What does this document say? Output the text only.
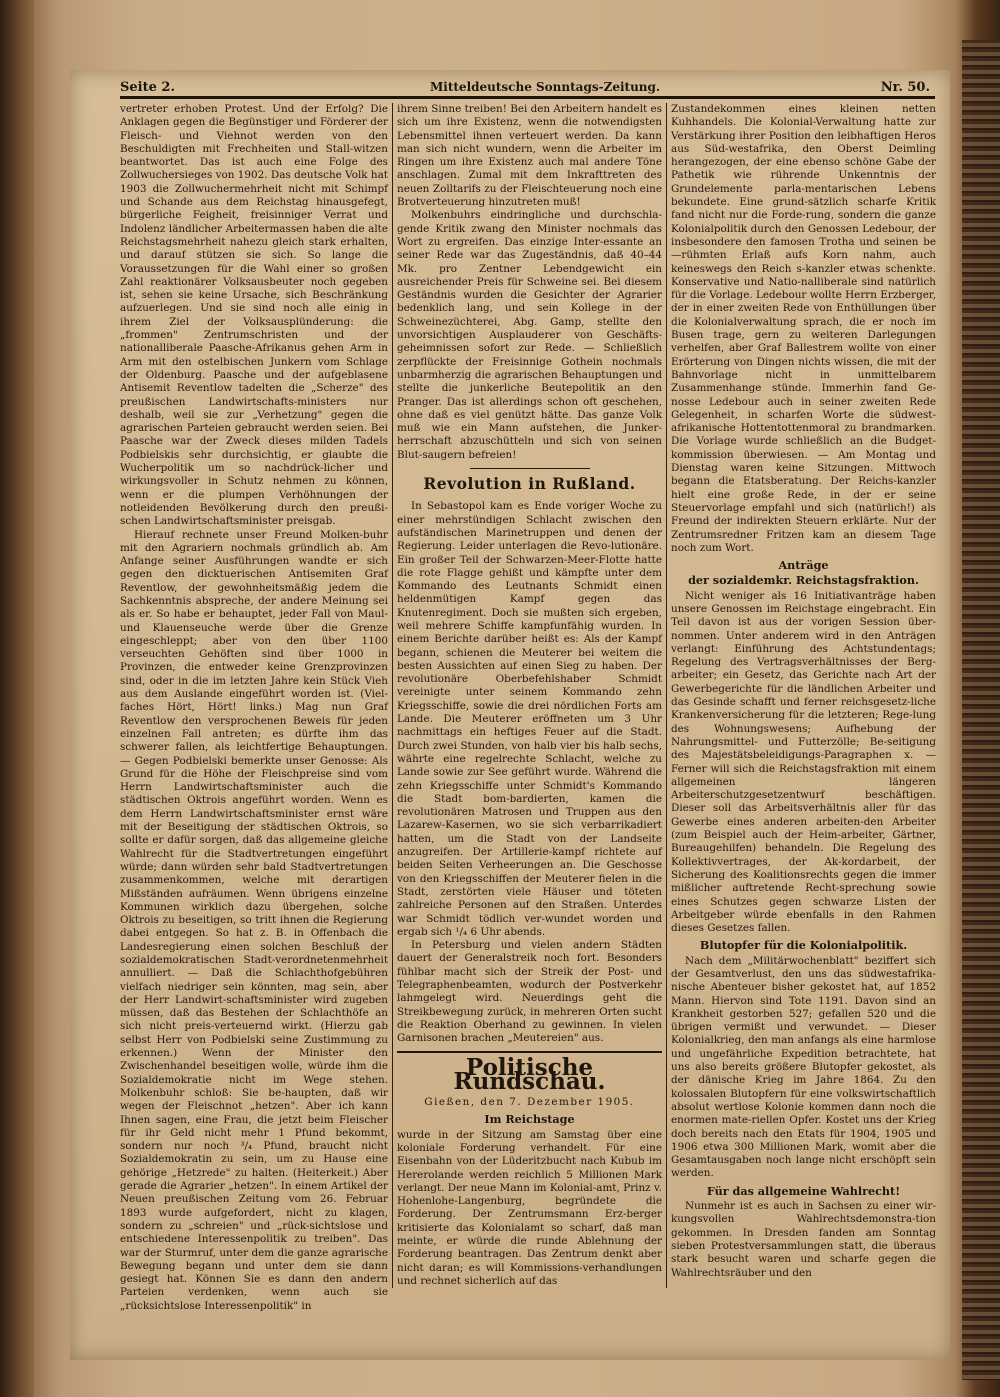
Seite 2.	Mitteldeutsche Sonntags-Zeitung.	Nr. 50.

vertreter erhoben Protest. Und der Erfolg? Die Anklagen gegen die Begünstiger und Förderer der Fleisch- und Viehnot werden von den Beschuldigten mit Frechheiten und Stall-witzen beantwortet. Das ist auch eine Folge des Zollwuchersieges von 1902. Das deutsche Volk hat 1903 die Zollwuchermehrheit nicht mit Schimpf und Schande aus dem Reichstag hinausgefegt, bürgerliche Feigheit, freisinniger Verrat und Indolenz ländlicher Arbeitermassen haben die alte Reichstagsmehrheit nahezu gleich stark erhalten, und darauf stützen sie sich. So lange die Voraussetzungen für die Wahl einer so großen Zahl reaktionärer Volksausbeuter noch gegeben ist, sehen sie keine Ursache, sich Beschränkung aufzuerlegen. Und sie sind noch alle einig in ihrem Ziel der Volksausplünderung: die „frommen" Zentrumschristen und der nationalliberale Paasche-Afrikanus gehen Arm in Arm mit den ostelbischen Junkern vom Schlage der Oldenburg. Paasche und der aufgeblasene Antisemit Reventlow tadelten die „Scherze" des preußischen Landwirtschafts-ministers nur deshalb, weil sie zur „Verhetzung" gegen die agrarischen Parteien gebraucht werden seien. Bei Paasche war der Zweck dieses milden Tadels Podbielskis sehr durchsichtig, er glaubte die Wucherpolitik um so nachdrück-licher und wirkungsvoller in Schutz nehmen zu können, wenn er die plumpen Verhöhnungen der notleidenden Bevölkerung durch den preußi-schen Landwirtschaftsminister preisgab.

Hierauf rechnete unser Freund Molken-buhr mit den Agrariern nochmals gründlich ab. Am Anfange seiner Ausführungen wandte er sich gegen den dicktuerischen Antisemiten Graf Reventlow, der gewohnheitsmäßig jedem die Sachkenntnis abspreche, der andere Meinung sei als er. So habe er behauptet, jeder Fall von Maul- und Klauenseuche werde über die Grenze eingeschleppt; aber von den über 1100 verseuchten Gehöften sind über 1000 in Provinzen, die entweder keine Grenzprovinzen sind, oder in die im letzten Jahre kein Stück Vieh aus dem Auslande eingeführt worden ist. (Viel-faches Hört, Hört! links.) Mag nun Graf Reventlow den versprochenen Beweis für jeden einzelnen Fall antreten; es dürfte ihm das schwerer fallen, als leichtfertige Behauptungen. — Gegen Podbielski bemerkte unser Genosse: Als Grund für die Höhe der Fleischpreise sind vom Herrn Landwirtschaftsminister auch die städtischen Oktrois angeführt worden. Wenn es dem Herrn Landwirtschaftsminister ernst wäre mit der Beseitigung der städtischen Oktrois, so sollte er dafür sorgen, daß das allgemeine gleiche Wahlrecht für die Stadtvertretungen eingeführt würde; dann würden sehr bald Stadtvertretungen zusammenkommen, welche mit derartigen Mißständen aufräumen. Wenn übrigens einzelne Kommunen wirklich dazu übergehen, solche Oktrois zu beseitigen, so tritt ihnen die Regierung dabei entgegen. So hat z. B. in Offenbach die Landesregierung einen solchen Beschluß der sozialdemokratischen Stadt-verordnetenmehrheit annulliert. — Daß die Schlachthofgebühren vielfach niedriger sein könnten, mag sein, aber der Herr Landwirt-schaftsminister wird zugeben müssen, daß das Bestehen der Schlachthöfe an sich nicht preis-verteuernd wirkt. (Hierzu gab selbst Herr von Podbielski seine Zustimmung zu erkennen.) Wenn der Minister den Zwischenhandel beseitigen wolle, würde ihm die Sozialdemokratie nicht im Wege stehen. Molkenbuhr schloß: Sie be-haupten, daß wir wegen der Fleischnot „hetzen". Aber ich kann Ihnen sagen, eine Frau, die jetzt beim Fleischer für ihr Geld nicht mehr 1 Pfund bekommt, sondern nur noch ³/₄ Pfund, braucht nicht Sozialdemokratin zu sein, um zu Hause eine gehörige „Hetzrede" zu halten. (Heiterkeit.) Aber gerade die Agrarier „hetzen". In einem Artikel der Neuen preußischen Zeitung vom 26. Februar 1893 wurde aufgefordert, nicht zu klagen, sondern zu „schreien" und „rück-sichtslose und entschiedene Interessenpolitik zu treiben". Das war der Sturmruf, unter dem die ganze agrarische Bewegung begann und unter dem sie dann gesiegt hat. Können Sie es dann den andern Parteien verdenken, wenn auch sie „rücksichtslose Interessenpolitik" in

ihrem Sinne treiben! Bei den Arbeitern handelt es sich um ihre Existenz, wenn die notwendigsten Lebensmittel ihnen verteuert werden. Da kann man sich nicht wundern, wenn die Arbeiter im Ringen um ihre Existenz auch mal andere Töne anschlagen. Zumal mit dem Inkrafttreten des neuen Zolltarifs zu der Fleischteuerung noch eine Brotverteuerung hinzutreten muß!

Molkenbuhrs eindringliche und durchschla-gende Kritik zwang den Minister nochmals das Wort zu ergreifen. Das einzige Inter-essante an seiner Rede war das Zugeständnis, daß 40–44 Mk. pro Zentner Lebendgewicht ein ausreichender Preis für Schweine sei. Bei diesem Geständnis wurden die Gesichter der Agrarier bedenklich lang, und sein Kollege in der Schweinezüchterei, Abg. Gamp, stellte den unvorsichtigen Ausplauderer von Geschäfts-geheimnissen sofort zur Rede. — Schließlich zerpflückte der Freisinnige Gothein nochmals unbarmherzig die agrarischen Behauptungen und stellte die junkerliche Beutepolitik an den Pranger. Das ist allerdings schon oft geschehen, ohne daß es viel genützt hätte. Das ganze Volk muß wie ein Mann aufstehen, die Junker-herrschaft abzuschütteln und sich von seinen Blut-saugern befreien!

Revolution in Rußland.

In Sebastopol kam es Ende voriger Woche zu einer mehrstündigen Schlacht zwischen den aufständischen Marinetruppen und denen der Regierung. Leider unterlagen die Revo-lutionäre. Ein großer Teil der Schwarzen-Meer-Flotte hatte die rote Flagge gehißt und kämpfte unter dem Kommando des Leutnants Schmidt einen heldenmütigen Kampf gegen das Knutenregiment. Doch sie mußten sich ergeben, weil mehrere Schiffe kampfunfähig wurden. In einem Berichte darüber heißt es: Als der Kampf begann, schienen die Meuterer bei weitem die besten Aussichten auf einen Sieg zu haben. Der revolutionäre Oberbefehlshaber Schmidt vereinigte unter seinem Kommando zehn Kriegsschiffe, sowie die drei nördlichen Forts am Lande. Die Meuterer eröffneten um 3 Uhr nachmittags ein heftiges Feuer auf die Stadt. Durch zwei Stunden, von halb vier bis halb sechs, währte eine regelrechte Schlacht, welche zu Lande sowie zur See geführt wurde. Während die zehn Kriegsschiffe unter Schmidt's Kommando die Stadt bom-bardierten, kamen die revolutionären Matrosen und Truppen aus den Lazarew-Kasernen, wo sie sich verbarrikadiert hatten, um die Stadt von der Landseite anzugreifen. Der Artillerie-kampf richtete auf beiden Seiten Verheerungen an. Die Geschosse von den Kriegsschiffen der Meuterer fielen in die Stadt, zerstörten viele Häuser und töteten zahlreiche Personen auf den Straßen. Unterdes war Schmidt tödlich ver-wundet worden und ergab sich ¹/₄ 6 Uhr abends.

In Petersburg und vielen andern Städten dauert der Generalstreik noch fort. Besonders fühlbar macht sich der Streik der Post- und Telegraphenbeamten, wodurch der Postverkehr lahmgelegt wird. Neuerdings geht die Streikbewegung zurück, in mehreren Orten sucht die Reaktion Oberhand zu gewinnen. In vielen Garnisonen brachen „Meutereien" aus.

Politische Rundschau.
Gießen, den 7. Dezember 1905.
Im Reichstage

wurde in der Sitzung am Samstag über eine koloniale Forderung verhandelt. Für eine Eisenbahn von der Lüderitzbucht nach Kubub im Hererolande werden reichlich 5 Millionen Mark verlangt. Der neue Mann im Kolonial-amt, Prinz v. Hohenlohe-Langenburg, begründete die Forderung. Der Zentrumsmann Erz-berger kritisierte das Kolonialamt so scharf, daß man meinte, er würde die runde Ablehnung der Forderung beantragen. Das Zentrum denkt aber nicht daran; es will Kommissions-verhandlungen und rechnet sicherlich auf das

Zustandekommen eines kleinen netten Kuhhandels. Die Kolonial-Verwaltung hatte zur Verstärkung ihrer Position den leibhaftigen Heros aus Süd-westafrika, den Oberst Deimling herangezogen, der eine ebenso schöne Gabe der Pathetik wie rührende Unkenntnis der Grundelemente parla-mentarischen Lebens bekundete. Eine grund-sätzlich scharfe Kritik fand nicht nur die Forde-rung, sondern die ganze Kolonialpolitik durch den Genossen Ledebour, der insbesondere den famosen Trotha und seinen be—rühmten Erlaß aufs Korn nahm, auch keineswegs den Reich s-kanzler etwas schenkte. Konservative und Natio-nalliberale sind natürlich für die Vorlage. Ledebour wollte Herrn Erzberger, der in einer zweiten Rede von Enthüllungen über die Kolonialverwaltung sprach, die er noch im Busen trage, gern zu weiteren Darlegungen verhelfen, aber Graf Ballestrem wollte von einer Erörterung von Dingen nichts wissen, die mit der Bahnvorlage nicht in unmittelbarem Zusammenhange stünde. Immerhin fand Ge-nosse Ledebour auch in seiner zweiten Rede Gelegenheit, in scharfen Worte die südwest-afrikanische Hottentottenmoral zu brandmarken. Die Vorlage wurde schließlich an die Budget-kommission überwiesen. — Am Montag und Dienstag waren keine Sitzungen. Mittwoch begann die Etatsberatung. Der Reichs-kanzler hielt eine große Rede, in der er seine Steuervorlage empfahl und sich (natürlich!) als Freund der indirekten Steuern erklärte. Nur der Zentrumsredner Fritzen kam an diesem Tage noch zum Wort.

Anträge
der sozialdemkr. Reichstagsfraktion.

Nicht weniger als 16 Initiativanträge haben unsere Genossen im Reichstage eingebracht. Ein Teil davon ist aus der vorigen Session über-nommen. Unter anderem wird in den Anträgen verlangt: Einführung des Achtstundentags; Regelung des Vertragsverhältnisses der Berg-arbeiter; ein Gesetz, das Gerichte nach Art der Gewerbegerichte für die ländlichen Arbeiter und das Gesinde schafft und ferner reichsgesetz-liche Krankenversicherung für die letzteren; Rege-lung des Wohnungswesens; Aufhebung der Nahrungsmittel- und Futterzölle; Be-seitigung des Majestätsbeleidigungs-Paragraphen x. — Ferner will sich die Reichstagsfraktion mit einem allgemeinen längeren Arbeiterschutzgesetzentwurf beschäftigen. Dieser soll das Arbeitsverhältnis aller für das Gewerbe eines anderen arbeiten-den Arbeiter (zum Beispiel auch der Heim-arbeiter, Gärtner, Bureaugehilfen) behandeln. Die Regelung des Kollektivvertrages, der Ak-kordarbeit, der Sicherung des Koalitionsrechts gegen die immer mißlicher auftretende Recht-sprechung sowie eines Schutzes gegen schwarze Listen der Arbeitgeber würde ebenfalls in den Rahmen dieses Gesetzes fallen.

Blutopfer für die Kolonialpolitik.

Nach dem „Militärwochenblatt" beziffert sich der Gesamtverlust, den uns das südwestafrika-nische Abenteuer bisher gekostet hat, auf 1852 Mann. Hiervon sind Tote 1191. Davon sind an Krankheit gestorben 527; gefallen 520 und die übrigen vermißt und verwundet. — Dieser Kolonialkrieg, den man anfangs als eine harmlose und ungefährliche Expedition betrachtete, hat uns also bereits größere Blutopfer gekostet, als der dänische Krieg im Jahre 1864. Zu den kolossalen Blutopfern für eine volkswirtschaftlich absolut wertlose Kolonie kommen dann noch die enormen mate-riellen Opfer. Kostet uns der Krieg doch bereits nach den Etats für 1904, 1905 und 1906 etwa 300 Millionen Mark, womit aber die Gesamtausgaben noch lange nicht erschöpft sein werden.

Für das allgemeine Wahlrecht!

Nunmehr ist es auch in Sachsen zu einer wir-kungsvollen Wahlrechtsdemonstra-tion gekommen. In Dresden fanden am Sonntag sieben Protestversammlungen statt, die überaus stark besucht waren und scharfe gegen die Wahlrechtsräuber und den
